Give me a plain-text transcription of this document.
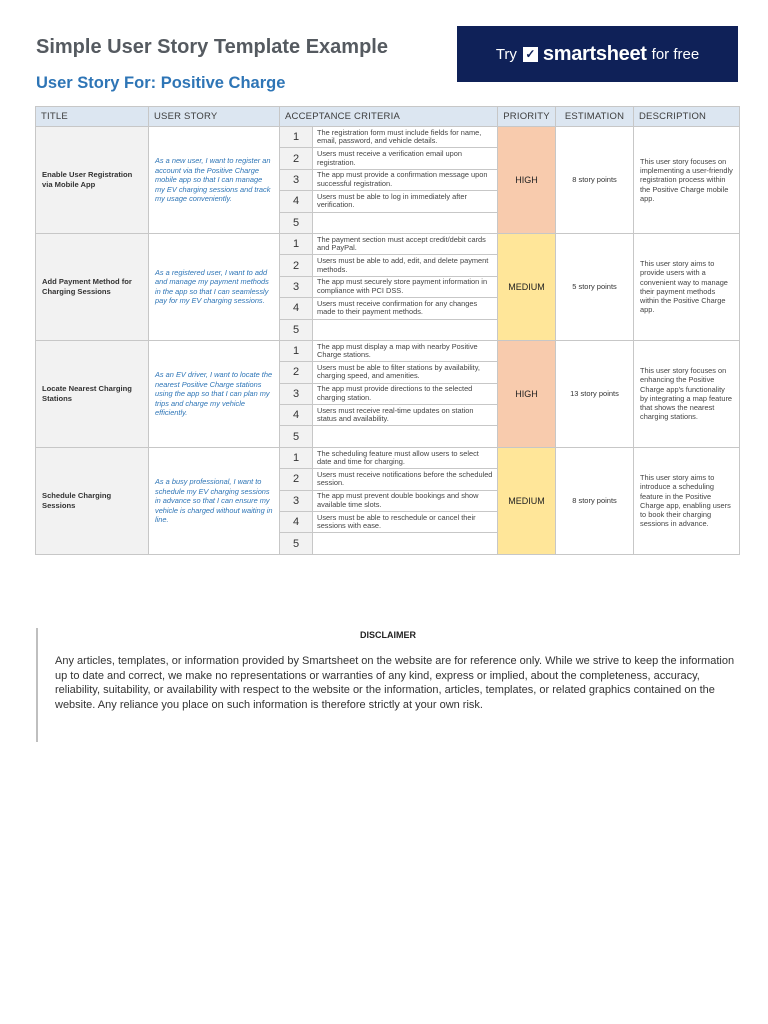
Simple User Story Template Example
User Story For: Positive Charge
Try ✓ smartsheet for free
TITLE	USER STORY	ACCEPTANCE CRITERIA		PRIORITY	ESTIMATION	DESCRIPTION
Enable User Registration via Mobile App	As a new user, I want to register an account via the Positive Charge mobile app so that I can manage my EV charging sessions and track my usage conveniently.	1	The registration form must include fields for name, email, password, and vehicle details.	HIGH	8 story points	This user story focuses on implementing a user-friendly registration process within the Positive Charge mobile app.
		2	Users must receive a verification email upon registration.			
		3	The app must provide a confirmation message upon successful registration.			
		4	Users must be able to log in immediately after verification.			
		5				
Add Payment Method for Charging Sessions	As a registered user, I want to add and manage my payment methods in the app so that I can seamlessly pay for my EV charging sessions.	1	The payment section must accept credit/debit cards and PayPal.	MEDIUM	5 story points	This user story aims to provide users with a convenient way to manage their payment methods within the Positive Charge app.
		2	Users must be able to add, edit, and delete payment methods.			
		3	The app must securely store payment information in compliance with PCI DSS.			
		4	Users must receive confirmation for any changes made to their payment methods.			
		5				
Locate Nearest Charging Stations	As an EV driver, I want to locate the nearest Positive Charge stations using the app so that I can plan my trips and charge my vehicle efficiently.	1	The app must display a map with nearby Positive Charge stations.	HIGH	13 story points	This user story focuses on enhancing the Positive Charge app's functionality by integrating a map feature that shows the nearest charging stations.
		2	Users must be able to filter stations by availability, charging speed, and amenities.			
		3	The app must provide directions to the selected charging station.			
		4	Users must receive real-time updates on station status and availability.			
		5				
Schedule Charging Sessions	As a busy professional, I want to schedule my EV charging sessions in advance so that I can ensure my vehicle is charged without waiting in line.	1	The scheduling feature must allow users to select date and time for charging.	MEDIUM	8 story points	This user story aims to introduce a scheduling feature in the Positive Charge app, enabling users to book their charging sessions in advance.
		2	Users must receive notifications before the scheduled session.			
		3	The app must prevent double bookings and show available time slots.			
		4	Users must be able to reschedule or cancel their sessions with ease.			
		5				
DISCLAIMER
Any articles, templates, or information provided by Smartsheet on the website are for reference only. While we strive to keep the information up to date and correct, we make no representations or warranties of any kind, express or implied, about the completeness, accuracy, reliability, suitability, or availability with respect to the website or the information, articles, templates, or related graphics contained on the website. Any reliance you place on such information is therefore strictly at your own risk.
